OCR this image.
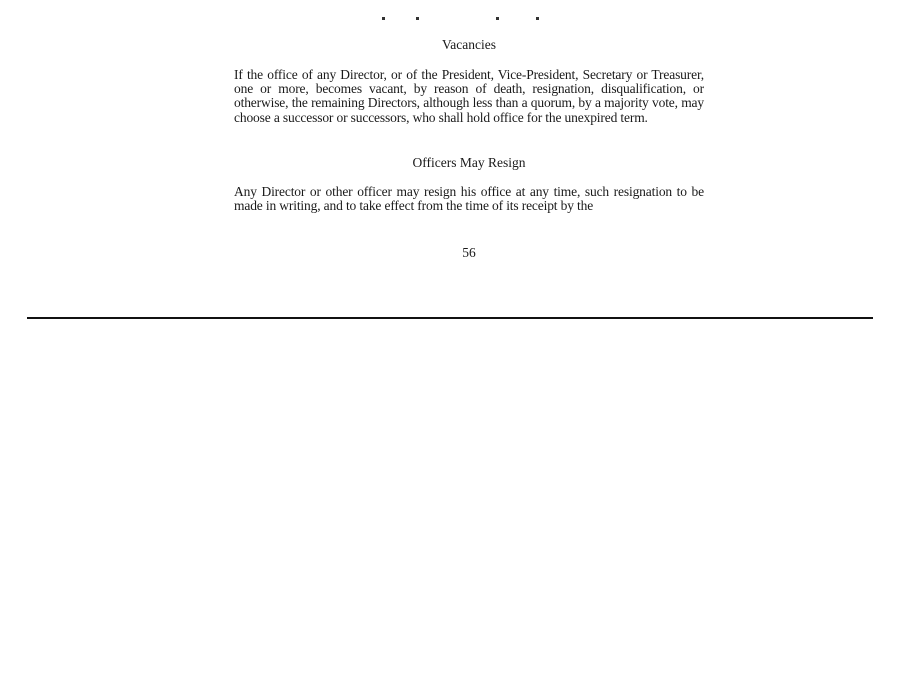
Vacancies
If the office of any Director, or of the President, Vice-President, Secretary or Treasurer, one or more, becomes vacant, by reason of death, resignation, disqualification, or otherwise, the remaining Directors, although less than a quorum, by a majority vote, may choose a successor or successors, who shall hold office for the unexpired term.
Officers May Resign
Any Director or other officer may resign his office at any time, such resignation to be made in writing, and to take effect from the time of its receipt by the
56
